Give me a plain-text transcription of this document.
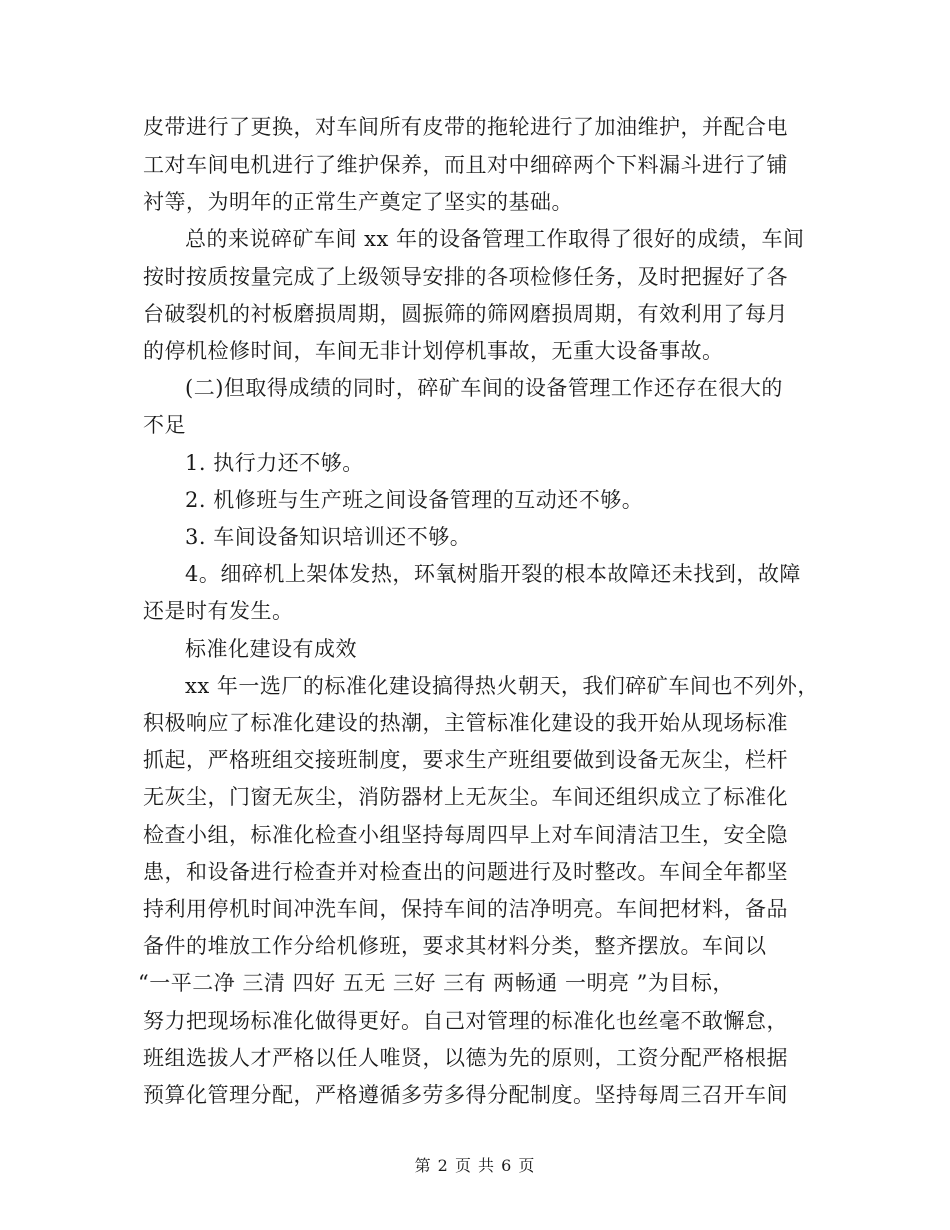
皮带进行了更换，对车间所有皮带的拖轮进行了加油维护，并配合电
工对车间电机进行了维护保养，而且对中细碎两个下料漏斗进行了铺
衬等，为明年的正常生产奠定了坚实的基础。
总的来说碎矿车间 xx 年的设备管理工作取得了很好的成绩，车间
按时按质按量完成了上级领导安排的各项检修任务，及时把握好了各
台破裂机的衬板磨损周期，圆振筛的筛网磨损周期，有效利用了每月
的停机检修时间，车间无非计划停机事故，无重大设备事故。
(二)但取得成绩的同时，碎矿车间的设备管理工作还存在很大的
不足
1. 执行力还不够。
2. 机修班与生产班之间设备管理的互动还不够。
3. 车间设备知识培训还不够。
4。细碎机上架体发热，环氧树脂开裂的根本故障还未找到，故障
还是时有发生。
标准化建设有成效
xx 年一选厂的标准化建设搞得热火朝天，我们碎矿车间也不列外，
积极响应了标准化建设的热潮，主管标准化建设的我开始从现场标准
抓起，严格班组交接班制度，要求生产班组要做到设备无灰尘，栏杆
无灰尘，门窗无灰尘，消防器材上无灰尘。车间还组织成立了标准化
检查小组，标准化检查小组坚持每周四早上对车间清洁卫生，安全隐
患，和设备进行检查并对检查出的问题进行及时整改。车间全年都坚
持利用停机时间冲洗车间，保持车间的洁净明亮。车间把材料，备品
备件的堆放工作分给机修班，要求其材料分类，整齐摆放。车间以
“一平二净 三清 四好 五无 三好 三有 两畅通 一明亮 ”为目标，
努力把现场标准化做得更好。自己对管理的标准化也丝毫不敢懈怠，
班组选拔人才严格以任人唯贤，以德为先的原则，工资分配严格根据
预算化管理分配，严格遵循多劳多得分配制度。坚持每周三召开车间
第 2 页 共 6 页
